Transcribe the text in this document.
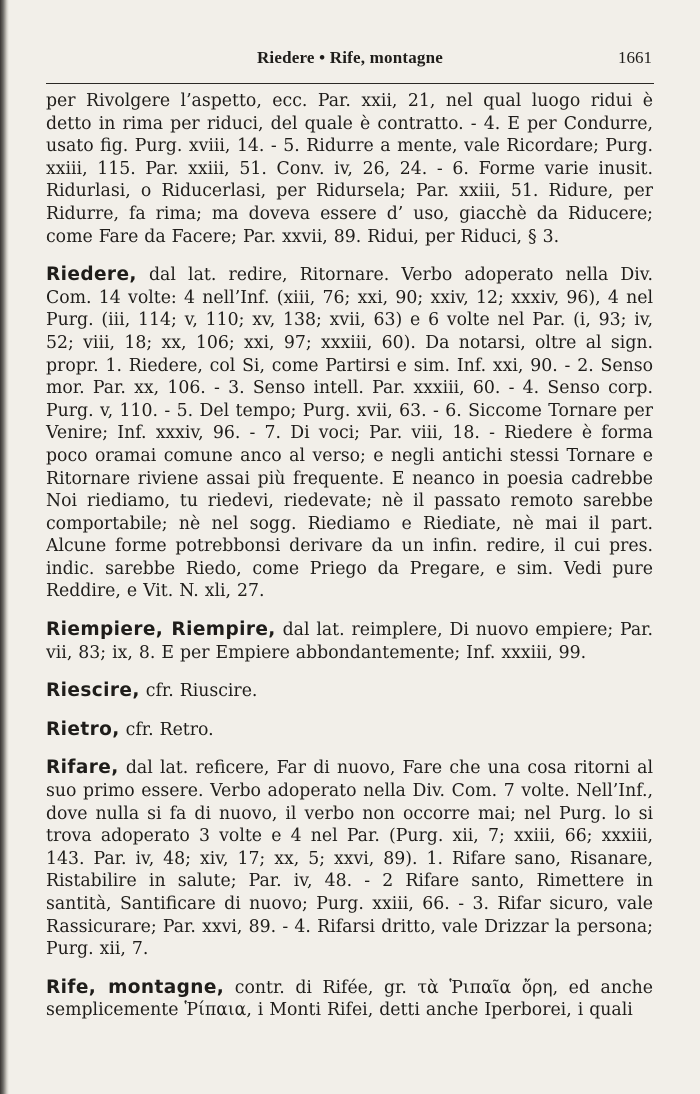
Riedere • Rife, montagne	1661

per Rivolgere l’aspetto, ecc. Par. xxii, 21, nel qual luogo ridui è detto in rima per riduci, del quale è contratto. - 4. E per Condurre, usato fig. Purg. xviii, 14. - 5. Ridurre a mente, vale Ricordare; Purg. xxiii, 115. Par. xxiii, 51. Conv. iv, 26, 24. - 6. Forme varie inusit. Ridurlasi, o Riducerlasi, per Ridursela; Par. xxiii, 51. Ridure, per Ridurre, fa rima; ma doveva essere d’ uso, giacchè da Riducere; come Fare da Facere; Par. xxvii, 89. Ridui, per Riduci, § 3.

Riedere, dal lat. redire, Ritornare. Verbo adoperato nella Div. Com. 14 volte: 4 nell’Inf. (xiii, 76; xxi, 90; xxiv, 12; xxxiv, 96), 4 nel Purg. (iii, 114; v, 110; xv, 138; xvii, 63) e 6 volte nel Par. (i, 93; iv, 52; viii, 18; xx, 106; xxi, 97; xxxiii, 60). Da notarsi, oltre al sign. propr. 1. Riedere, col Si, come Partirsi e sim. Inf. xxi, 90. - 2. Senso mor. Par. xx, 106. - 3. Senso intell. Par. xxxiii, 60. - 4. Senso corp. Purg. v, 110. - 5. Del tempo; Purg. xvii, 63. - 6. Siccome Tornare per Venire; Inf. xxxiv, 96. - 7. Di voci; Par. viii, 18. - Riedere è forma poco oramai comune anco al verso; e negli antichi stessi Tornare e Ritornare riviene assai più frequente. E neanco in poesia cadrebbe Noi riediamo, tu riedevi, riedevate; nè il passato remoto sarebbe comportabile; nè nel sogg. Riediamo e Riediate, nè mai il part. Alcune forme potrebbonsi derivare da un infin. redire, il cui pres. indic. sarebbe Riedo, come Priego da Pregare, e sim. Vedi pure Reddire, e Vit. N. xli, 27.

Riempiere, Riempire, dal lat. reimplere, Di nuovo empiere; Par. vii, 83; ix, 8. E per Empiere abbondantemente; Inf. xxxiii, 99.

Riescire, cfr. Riuscire.

Rietro, cfr. Retro.

Rifare, dal lat. reficere, Far di nuovo, Fare che una cosa ritorni al suo primo essere. Verbo adoperato nella Div. Com. 7 volte. Nell’Inf., dove nulla si fa di nuovo, il verbo non occorre mai; nel Purg. lo si trova adoperato 3 volte e 4 nel Par. (Purg. xii, 7; xxiii, 66; xxxiii, 143. Par. iv, 48; xiv, 17; xx, 5; xxvi, 89). 1. Rifare sano, Risanare, Ristabilire in salute; Par. iv, 48. - 2 Rifare santo, Rimettere in santità, Santificare di nuovo; Purg. xxiii, 66. - 3. Rifar sicuro, vale Rassicurare; Par. xxvi, 89. - 4. Rifarsi dritto, vale Drizzar la persona; Purg. xii, 7.

Rife, montagne, contr. di Rifée, gr. τὰ Ῥιπαῖα ὄρη, ed anche semplicemente Ῥίπαια, i Monti Rifei, detti anche Iperborei, i quali
